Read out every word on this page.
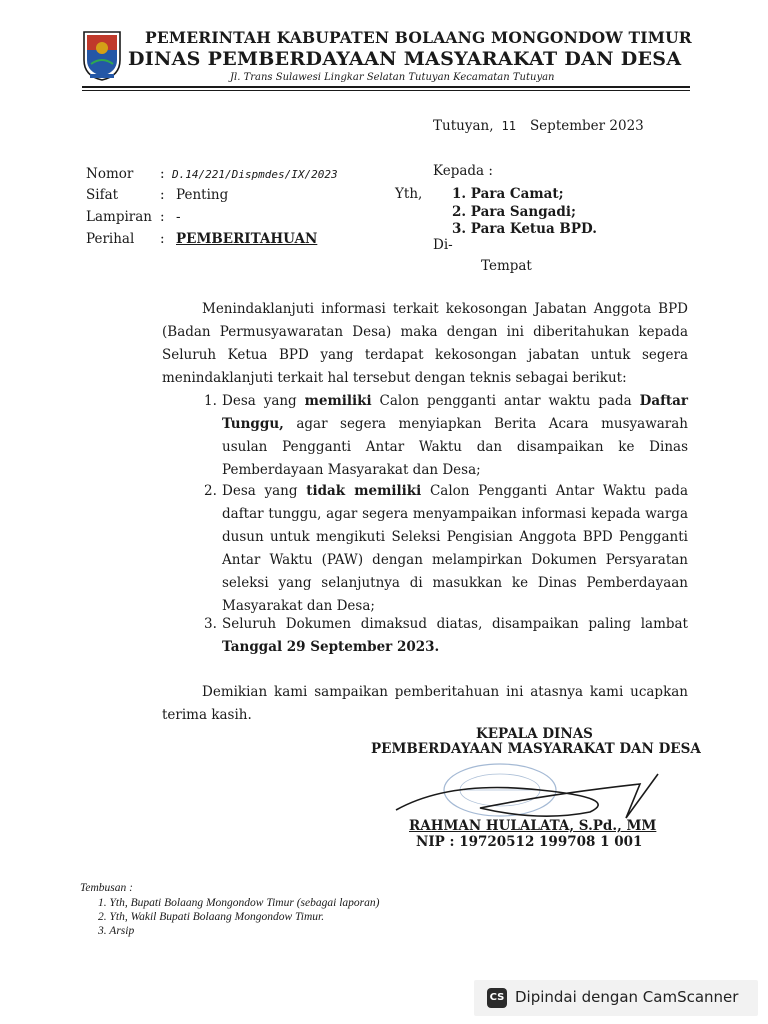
PEMERINTAH KABUPATEN BOLAANG MONGONDOW TIMUR
DINAS PEMBERDAYAAN MASYARAKAT DAN DESA
Jl. Trans Sulawesi Lingkar Selatan Tutuyan Kecamatan Tutuyan
Tutuyan, 11 September 2023
Nomor : D.14/221/Dispmdes/IX/2023
Sifat	: Penting
Lampiran : -
Perihal : PEMBERITAHUAN
Kepada :
Yth, 1. Para Camat;
2. Para Sangadi;
3. Para Ketua BPD.
Di-
Tempat
Menindaklanjuti informasi terkait kekosongan Jabatan Anggota BPD (Badan Permusyawaratan Desa) maka dengan ini diberitahukan kepada Seluruh Ketua BPD yang terdapat kekosongan jabatan untuk segera menindaklanjuti terkait hal tersebut dengan teknis sebagai berikut:
1. Desa yang memiliki Calon pengganti antar waktu pada Daftar Tunggu, agar segera menyiapkan Berita Acara musyawarah usulan Pengganti Antar Waktu dan disampaikan ke Dinas Pemberdayaan Masyarakat dan Desa;
2. Desa yang tidak memiliki Calon Pengganti Antar Waktu pada daftar tunggu, agar segera menyampaikan informasi kepada warga dusun untuk mengikuti Seleksi Pengisian Anggota BPD Pengganti Antar Waktu (PAW) dengan melampirkan Dokumen Persyaratan seleksi yang selanjutnya di masukkan ke Dinas Pemberdayaan Masyarakat dan Desa;
3. Seluruh Dokumen dimaksud diatas, disampaikan paling lambat Tanggal 29 September 2023.
Demikian kami sampaikan pemberitahuan ini atasnya kami ucapkan terima kasih.
KEPALA DINAS
PEMBERDAYAAN MASYARAKAT DAN DESA
RAHMAN HULALATA, S.Pd., MM
NIP : 19720512 199708 1 001
Tembusan :
1. Yth, Bupati Bolaang Mongondow Timur (sebagai laporan)
2. Yth, Wakil Bupati Bolaang Mongondow Timur.
3. Arsip
CS Dipindai dengan CamScanner
